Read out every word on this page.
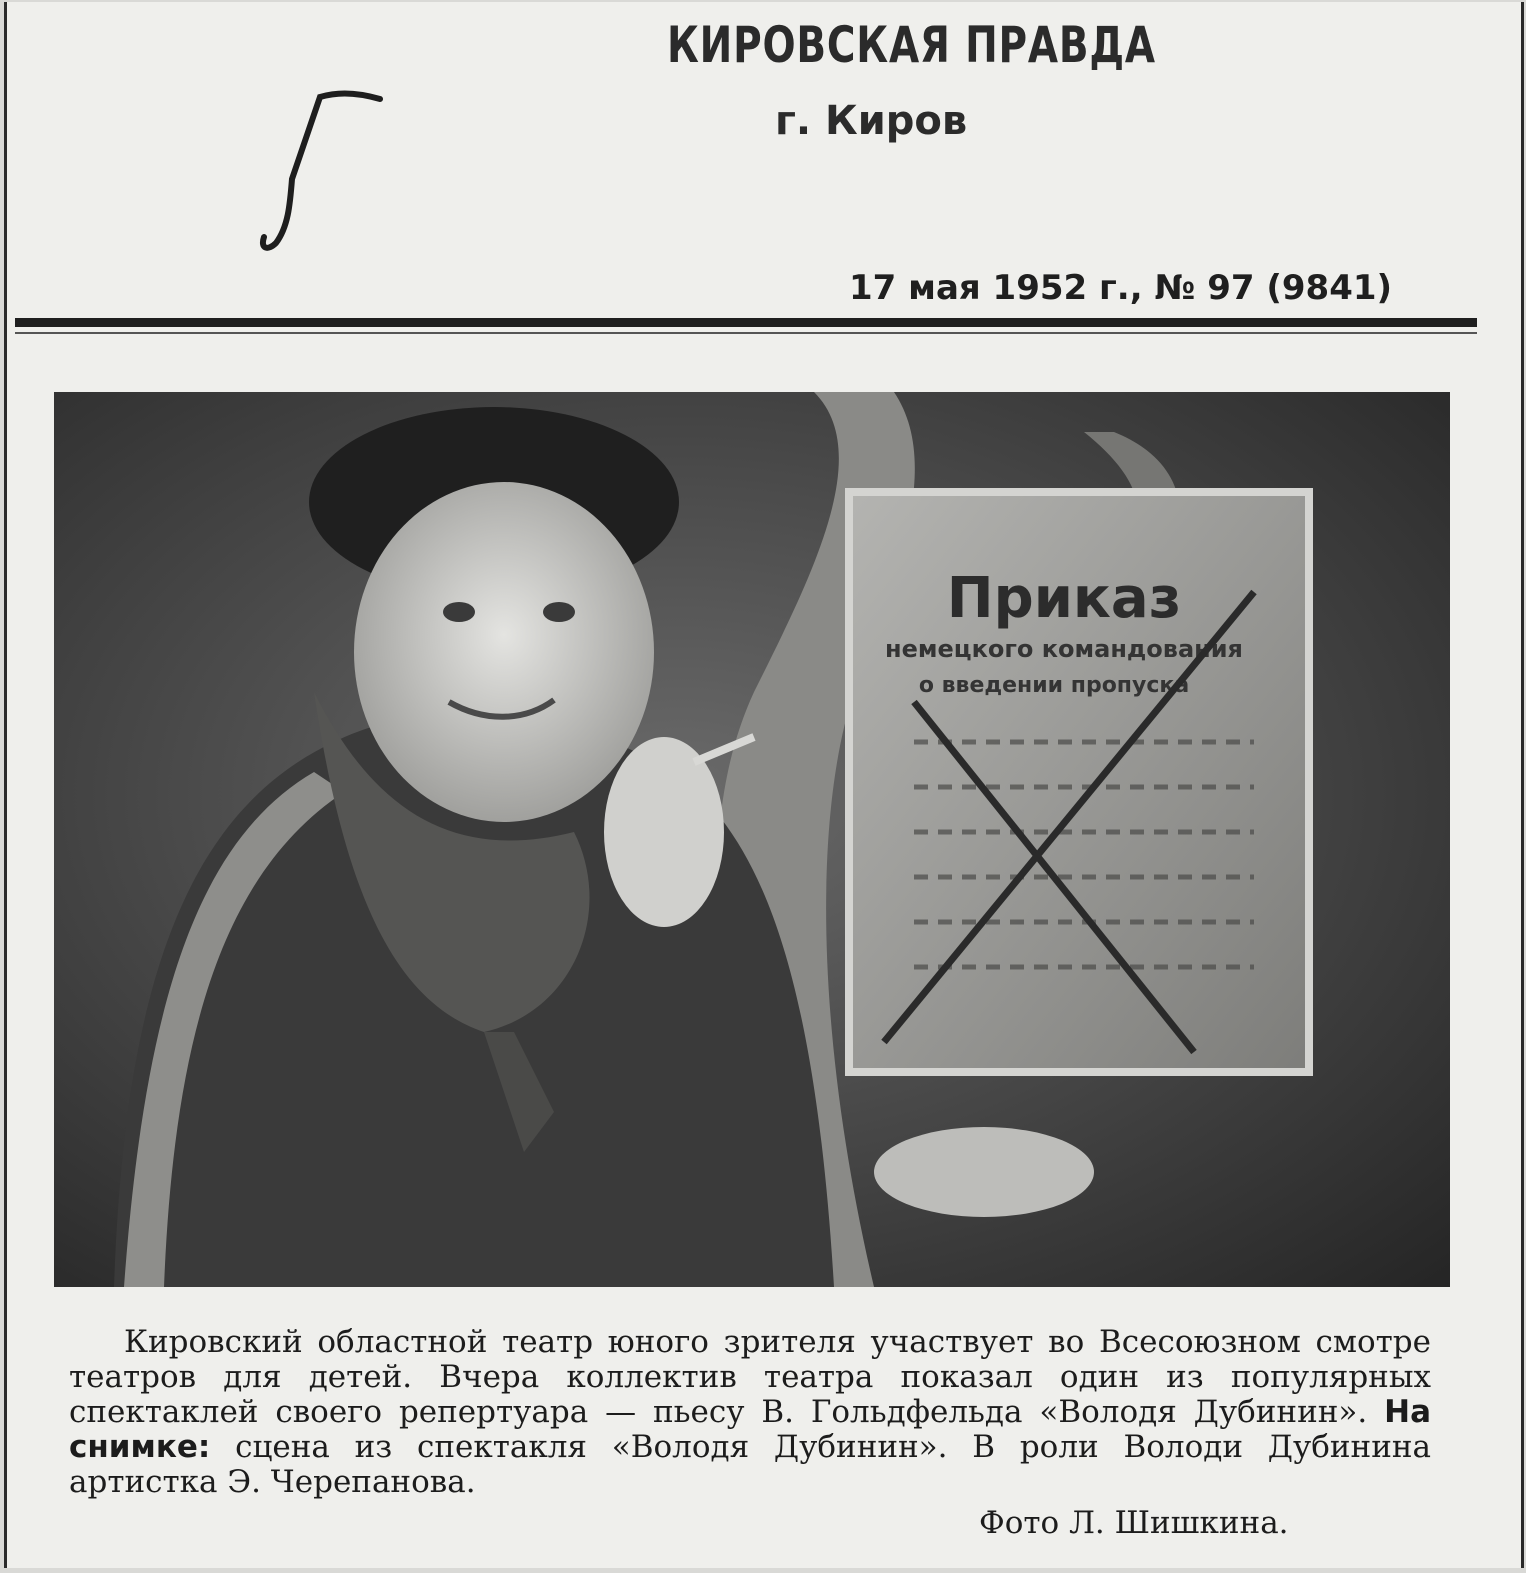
КИРОВСКАЯ ПРАВДА
г. Киров
17 мая 1952 г., № 97 (9841)
Приказ
немецкого командования
о введении пропуска

Кировский областной театр юного зрителя участвует во Всесоюзном смотре театров для детей. Вчера коллектив театра показал один из популярных спектаклей своего репертуара — пьесу В. Гольдфельда «Володя Дубинин». На снимке: сцена из спектакля «Володя Дубинин». В роли Володи Дубинина артистка Э. Черепанова.

Фото Л. Шишкина.
